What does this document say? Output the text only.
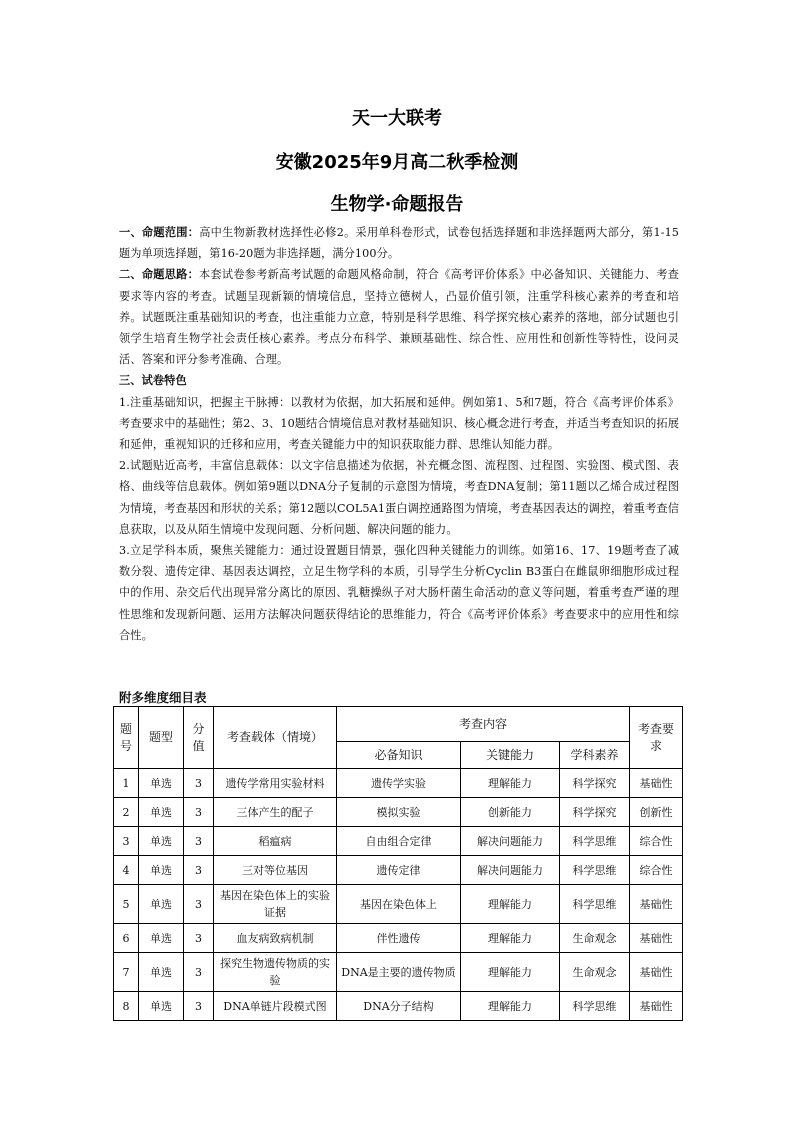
天一大联考
安徽2025年9月高二秋季检测
生物学·命题报告

一、命题范围：高中生物新教材选择性必修2。采用单科卷形式，试卷包括选择题和非选择题两大部分，第1-15题为单项选择题，第16-20题为非选择题，满分100分。

二、命题思路：本套试卷参考新高考试题的命题风格命制，符合《高考评价体系》中必备知识、关键能力、考查要求等内容的考查。试题呈现新颖的情境信息，坚持立德树人，凸显价值引领，注重学科核心素养的考查和培养。试题既注重基础知识的考查，也注重能力立意，特别是科学思维、科学探究核心素养的落地，部分试题也引领学生培育生物学社会责任核心素养。考点分布科学、兼顾基础性、综合性、应用性和创新性等特性，设问灵活、答案和评分参考准确、合理。

三、试卷特色

1.注重基础知识，把握主干脉搏：以教材为依据，加大拓展和延伸。例如第1、5和7题，符合《高考评价体系》考查要求中的基础性；第2、3、10题结合情境信息对教材基础知识、核心概念进行考查，并适当考查知识的拓展和延伸，重视知识的迁移和应用，考查关键能力中的知识获取能力群、思维认知能力群。

2.试题贴近高考，丰富信息载体：以文字信息描述为依据，补充概念图、流程图、过程图、实验图、模式图、表格、曲线等信息载体。例如第9题以DNA分子复制的示意图为情境，考查DNA复制；第11题以乙烯合成过程图为情境，考查基因和形状的关系；第12题以COL5A1蛋白调控通路图为情境，考查基因表达的调控，着重考查信息获取，以及从陌生情境中发现问题、分析问题、解决问题的能力。

3.立足学科本质，聚焦关键能力：通过设置题目情景，强化四种关键能力的训练。如第16、17、19题考查了减数分裂、遗传定律、基因表达调控，立足生物学科的本质，引导学生分析Cyclin B3蛋白在雌鼠卵细胞形成过程中的作用、杂交后代出现异常分离比的原因、乳糖操纵子对大肠杆菌生命活动的意义等问题，着重考查严谨的理性思维和发现新问题、运用方法解决问题获得结论的思维能力，符合《高考评价体系》考查要求中的应用性和综合性。

附多维度细目表
题号	题型	分值	考查载体（情境）	考查内容			考查要求
				必备知识	关键能力	学科素养	
1	单选	3	遗传学常用实验材料	遗传学实验	理解能力	科学探究	基础性
2	单选	3	三体产生的配子	模拟实验	创新能力	科学探究	创新性
3	单选	3	稻瘟病	自由组合定律	解决问题能力	科学思维	综合性
4	单选	3	三对等位基因	遗传定律	解决问题能力	科学思维	综合性
5	单选	3	基因在染色体上的实验证据	基因在染色体上	理解能力	科学思维	基础性
6	单选	3	血友病致病机制	伴性遗传	理解能力	生命观念	基础性
7	单选	3	探究生物遗传物质的实验	DNA是主要的遗传物质	理解能力	生命观念	基础性
8	单选	3	DNA单链片段模式图	DNA分子结构	理解能力	科学思维	基础性
